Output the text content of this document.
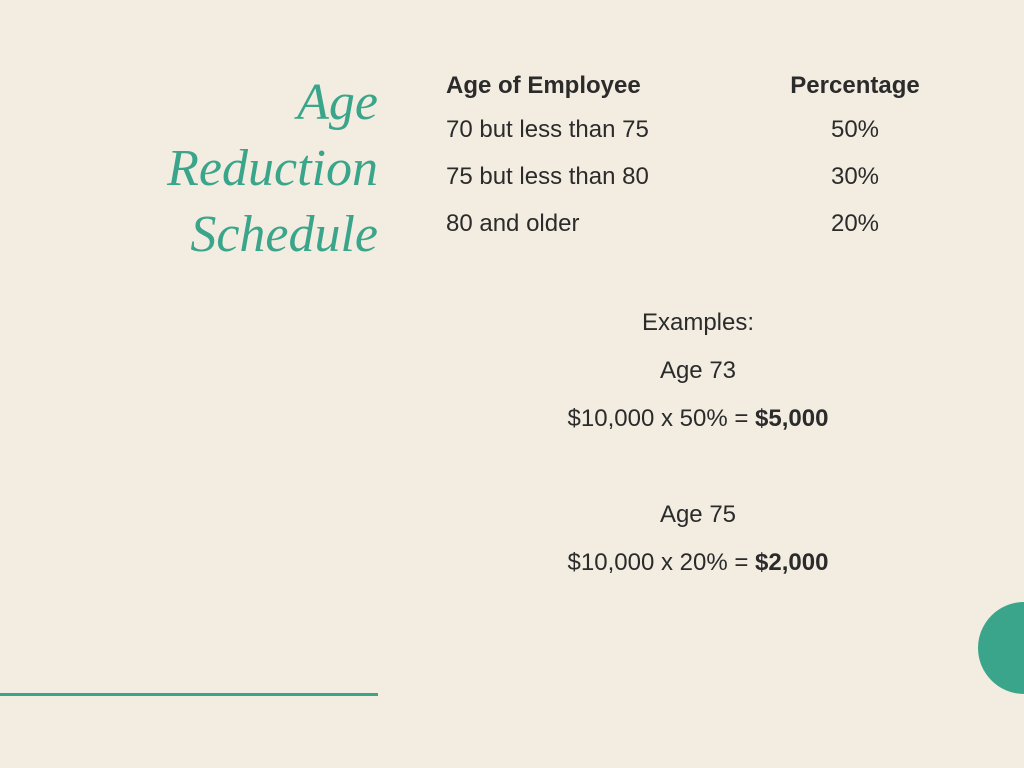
Age
Reduction
Schedule
Age of Employee	Percentage
70 but less than 75	50%
75 but less than 80	30%
80 and older	20%
Examples:
Age 73
$10,000 x 50% = $5,000
Age 75
$10,000 x 20% = $2,000
